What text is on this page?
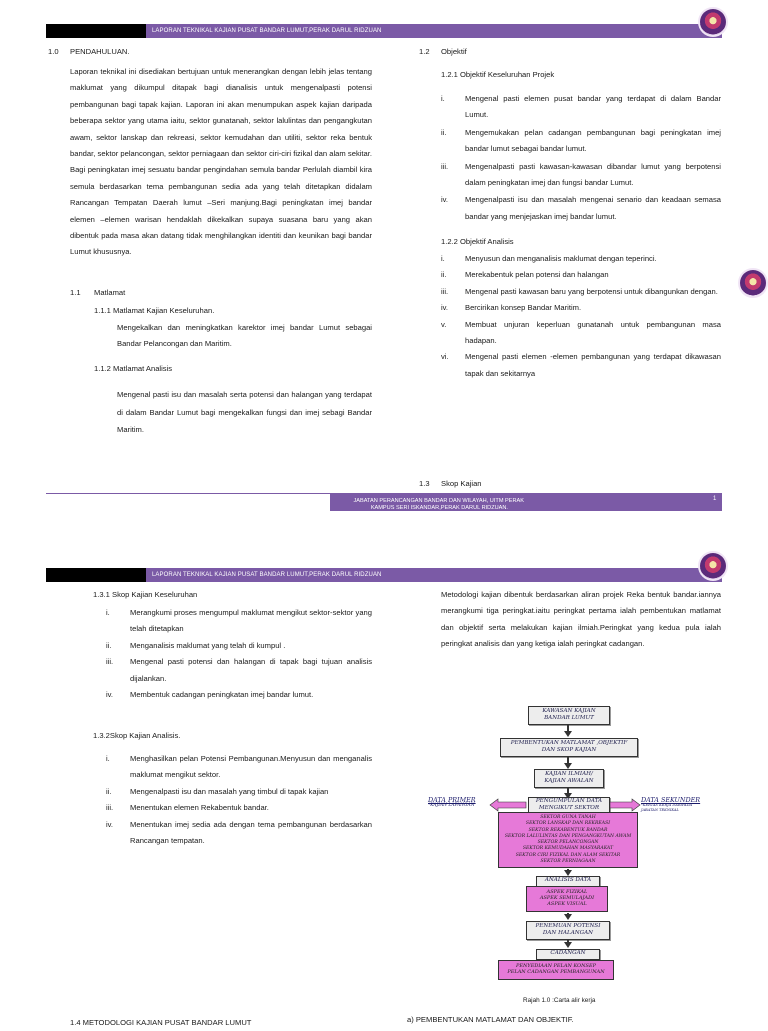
LAPORAN TEKNIKAL KAJIAN PUSAT BANDAR LUMUT,PERAK DARUL RIDZUAN
1.0 PENDAHULUAN.
Laporan teknikal ini disediakan bertujuan untuk menerangkan dengan lebih jelas tentang maklumat yang dikumpul ditapak bagi dianalisis untuk mengenalpasti potensi pembangunan bagi tapak kajian. Laporan ini akan menumpukan aspek kajian daripada beberapa sektor yang utama iaitu, sektor gunatanah, sektor lalulintas dan pengangkutan awam, sektor lanskap dan rekreasi, sektor kemudahan dan utiliti, sektor reka bentuk bandar, sektor pelancongan, sektor perniagaan dan sektor ciri-ciri fizikal dan alam sekitar. Bagi peningkatan imej sesuatu bandar pengindahan semula bandar Perlulah diambil kira semula berdasarkan tema pembangunan sedia ada yang telah ditetapkan didalam Rancangan Tempatan Daerah lumut –Seri manjung.Bagi peningkatan imej bandar elemen –elemen warisan hendaklah dikekalkan supaya suasana baru yang akan dibentuk pada masa akan datang tidak menghilangkan identiti dan keunikan bagi bandar Lumut khususnya.
1.1 Matlamat
1.1.1 Matlamat Kajian Keseluruhan.
Mengekalkan dan meningkatkan karektor imej bandar Lumut sebagai Bandar Pelancongan dan Maritim.
1.1.2 Matlamat Analisis
Mengenal pasti isu dan masalah serta potensi dan halangan yang terdapat di dalam Bandar Lumut bagi mengekalkan fungsi dan imej sebagi Bandar Maritim.
1.2 Objektif
1.2.1 Objektif Keseluruhan Projek
i.	Mengenal pasti elemen pusat bandar yang terdapat di dalam Bandar Lumut.
ii.	Mengemukakan pelan cadangan pembangunan bagi peningkatan imej bandar lumut sebagai bandar lumut.
iii.	Mengenalpasti pasti kawasan-kawasan dibandar lumut yang berpotensi dalam peningkatan imej dan fungsi bandar Lumut.
iv.	Mengenalpasti isu dan masalah mengenai senario dan keadaan semasa bandar yang menjejaskan imej bandar lumut.
1.2.2 Objektif Analisis
i.	Menyusun dan menganalisis maklumat dengan teperinci.
ii.	Merekabentuk pelan potensi dan halangan
iii.	Mengenal pasti kawasan baru yang berpotensi untuk dibangunkan dengan.
iv.	Bercirikan konsep Bandar Maritim.
v.	Membuat unjuran keperluan gunatanah untuk pembangunan masa hadapan.
vi.	Mengenal pasti elemen -elemen pembangunan yang terdapat dikawasan tapak dan sekitarnya
1.3 Skop Kajian
JABATAN PERANCANGAN BANDAR DAN WILAYAH, UITM PERAK
KAMPUS SERI ISKANDAR,PERAK DARUL RIDZUAN.
1
LAPORAN TEKNIKAL KAJIAN PUSAT BANDAR LUMUT,PERAK DARUL RIDZUAN
1.3.1 Skop Kajian Keseluruhan
i.	Merangkumi proses mengumpul maklumat mengikut sektor-sektor yang telah ditetapkan
ii.	Menganalisis maklumat yang telah di kumpul .
iii.	Mengenal pasti potensi dan halangan di tapak bagi tujuan analisis dijalankan.
iv.	Membentuk cadangan peningkatan imej bandar lumut.
1.3.2Skop Kajian Analisis.
i.	Menghasilkan pelan Potensi Pembangunan.Menyusun dan menganalis maklumat mengikut sektor.
ii.	Mengenalpasti isu dan masalah yang timbul di tapak kajian
iii.	Menentukan elemen Rekabentuk bandar.
iv.	Menentukan imej sedia ada dengan tema pembangunan berdasarkan Rancangan tempatan.
Metodologi kajian dibentuk berdasarkan aliran projek Reka bentuk bandar.iannya merangkumi tiga peringkat.iaitu peringkat pertama ialah pembentukan matlamat dan objektif serta melakukan kajian ilmiah.Peringkat yang kedua pula ialah peringkat analisis dan yang ketiga ialah peringkat cadangan.
KAWASAN KAJIAN
BANDAR LUMUT
PEMBENTUKAN MATLAMAT ,OBJEKTIF
DAN SKOP KAJIAN
KAJIAN ILMIAH/
KAJIAN AWALAN
PENGUMPULAN DATA
MENGIKUT SEKTOR
DATA PRIMER
*KAJIAN LAPANGAN
DATA SEKUNDER
*KERTAS KERJA DARIPADA
JABATAN TEKNIKAL
SEKTOR GUNA TANAH
SEKTOR LANSKAP DAN REKREASI
SEKTOR REKABENTUK BANDAR
SEKTOR LALULINTAS DAN PENGANGKUTAN AWAM
SEKTOR PELANCONGAN
SEKTOR KEMUDAHAN MASYARAKAT
SEKTOR CIRI FIZIKAL DAN ALAM SEKITAR
SEKTOR PERNIAGAAN
ANALISIS DATA
ASPEK FIZIKAL
ASPEK SEMULAJADI
ASPEK VISUAL
PENEMUAN POTENSI
DAN HALANGAN
CADANGAN
PENYEDIAAN PELAN KONSEP
PELAN CADANGAN PEMBANGUNAN
Rajah 1.0 :Carta alir kerja
1.4 METODOLOGI KAJIAN PUSAT BANDAR LUMUT	a) PEMBENTUKAN MATLAMAT DAN OBJEKTIF.
